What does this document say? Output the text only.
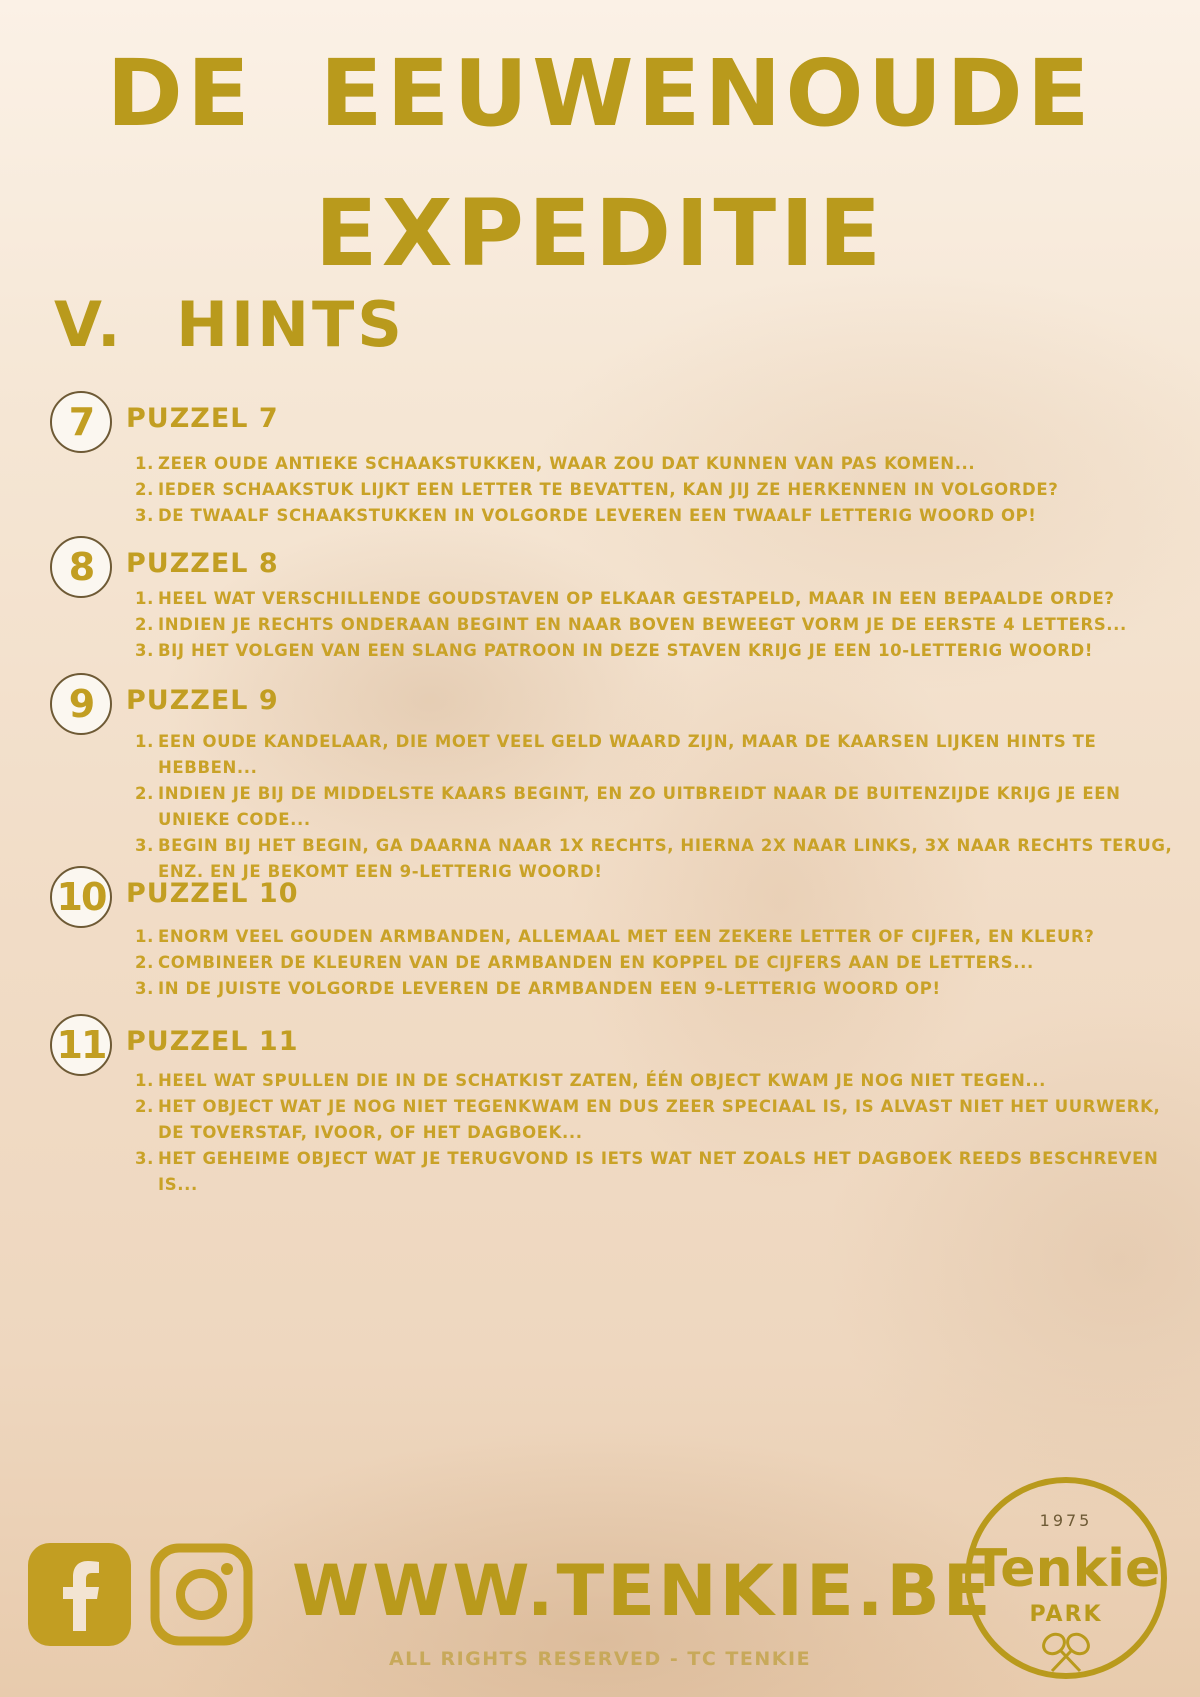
DE EEUWENOUDE
EXPEDITIE
V. HINTS
7	PUZZEL 7
1. ZEER OUDE ANTIEKE SCHAAKSTUKKEN, WAAR ZOU DAT KUNNEN VAN PAS KOMEN...
2. IEDER SCHAAKSTUK LIJKT EEN LETTER TE BEVATTEN, KAN JIJ ZE HERKENNEN IN VOLGORDE?
3. DE TWAALF SCHAAKSTUKKEN IN VOLGORDE LEVEREN EEN TWAALF LETTERIG WOORD OP!
8	PUZZEL 8
1. HEEL WAT VERSCHILLENDE GOUDSTAVEN OP ELKAAR GESTAPELD, MAAR IN EEN BEPAALDE ORDE?
2. INDIEN JE RECHTS ONDERAAN BEGINT EN NAAR BOVEN BEWEEGT VORM JE DE EERSTE 4 LETTERS...
3. BIJ HET VOLGEN VAN EEN SLANG PATROON IN DEZE STAVEN KRIJG JE EEN 10-LETTERIG WOORD!
9	PUZZEL 9
1. EEN OUDE KANDELAAR, DIE MOET VEEL GELD WAARD ZIJN, MAAR DE KAARSEN LIJKEN HINTS TE HEBBEN...
2. INDIEN JE BIJ DE MIDDELSTE KAARS BEGINT, EN ZO UITBREIDT NAAR DE BUITENZIJDE KRIJG JE EEN UNIEKE CODE...
3. BEGIN BIJ HET BEGIN, GA DAARNA NAAR 1X RECHTS, HIERNA 2X NAAR LINKS, 3X NAAR RECHTS TERUG, ENZ. EN JE BEKOMT EEN 9-LETTERIG WOORD!
10 PUZZEL 10
1. ENORM VEEL GOUDEN ARMBANDEN, ALLEMAAL MET EEN ZEKERE LETTER OF CIJFER, EN KLEUR?
2. COMBINEER DE KLEUREN VAN DE ARMBANDEN EN KOPPEL DE CIJFERS AAN DE LETTERS...
3. IN DE JUISTE VOLGORDE LEVEREN DE ARMBANDEN EEN 9-LETTERIG WOORD OP!
11 PUZZEL 11
1. HEEL WAT SPULLEN DIE IN DE SCHATKIST ZATEN, ÉÉN OBJECT KWAM JE NOG NIET TEGEN...
2. HET OBJECT WAT JE NOG NIET TEGENKWAM EN DUS ZEER SPECIAAL IS, IS ALVAST NIET HET UURWERK, DE TOVERSTAF, IVOOR, OF HET DAGBOEK...
3. HET GEHEIME OBJECT WAT JE TERUGVOND IS IETS WAT NET ZOALS HET DAGBOEK REEDS BESCHREVEN IS...
WWW.TENKIE.BE
ALL RIGHTS RESERVED - TC TENKIE
1975
Tenkie
PARK
